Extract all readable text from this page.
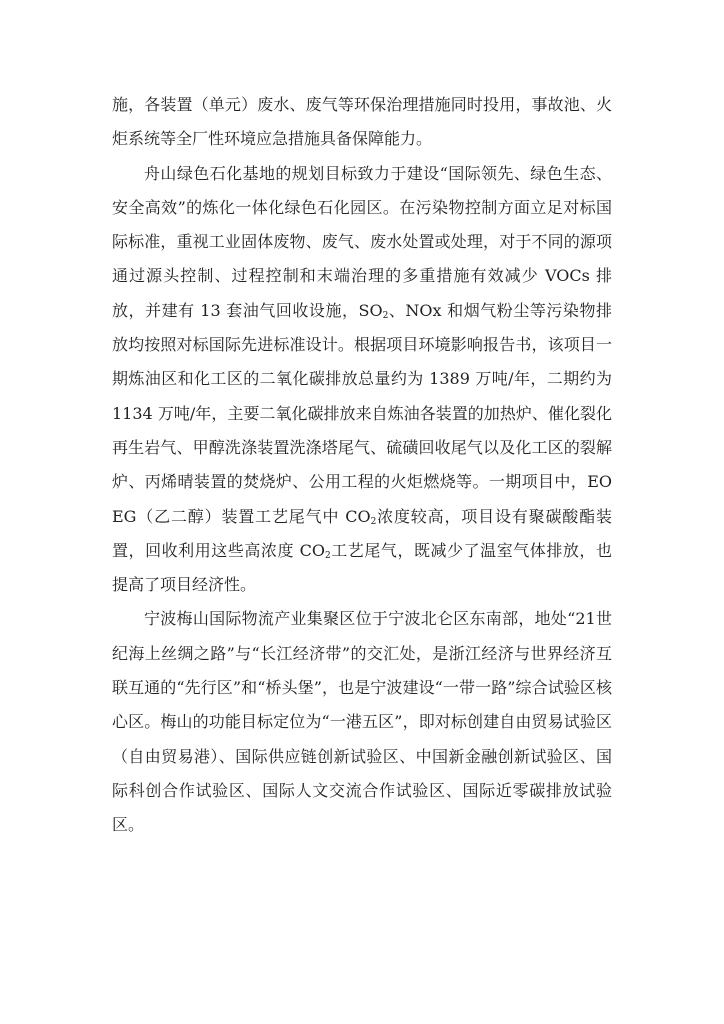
施，各装置（单元）废水、废气等环保治理措施同时投用，事故池、火炬系统等全厂性环境应急措施具备保障能力。

舟山绿色石化基地的规划目标致力于建设“国际领先、绿色生态、安全高效”的炼化一体化绿色石化园区。在污染物控制方面立足对标国际标准，重视工业固体废物、废气、废水处置或处理，对于不同的源项通过源头控制、过程控制和末端治理的多重措施有效减少 VOCs 排放，并建有 13 套油气回收设施，$SO_2$、NOx 和烟气粉尘等污染物排放均按照对标国际先进标准设计。根据项目环境影响报告书，该项目一期炼油区和化工区的二氧化碳排放总量约为 1389 万吨/年，二期约为 1134 万吨/年，主要二氧化碳排放来自炼油各装置的加热炉、催化裂化再生岩气、甲醇洗涤装置洗涤塔尾气、硫磺回收尾气以及化工区的裂解炉、丙烯晴装置的焚烧炉、公用工程的火炬燃烧等。一期项目中，EOEG（乙二醇）装置工艺尾气中 $CO_2$浓度较高，项目设有聚碳酸酯装置，回收利用这些高浓度 $CO_2$工艺尾气，既减少了温室气体排放，也提高了项目经济性。

宁波梅山国际物流产业集聚区位于宁波北仑区东南部，地处“21世纪海上丝绸之路”与“长江经济带”的交汇处，是浙江经济与世界经济互联互通的“先行区”和“桥头堡”，也是宁波建设“一带一路”综合试验区核心区。梅山的功能目标定位为“一港五区”，即对标创建自由贸易试验区（自由贸易港）、国际供应链创新试验区、中国新金融创新试验区、国际科创合作试验区、国际人文交流合作试验区、国际近零碳排放试验区。
